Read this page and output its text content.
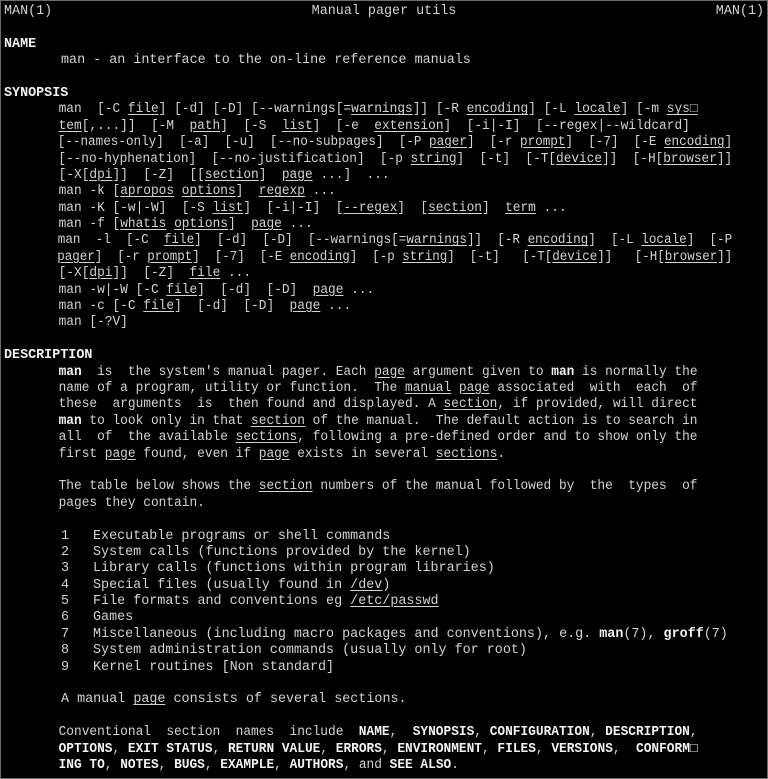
MAN(1)	Manual pager utils	MAN(1)
NAME
man - an interface to the on-line reference manuals
SYNOPSIS
man  [-C file] [-d] [-D] [--warnings[=warnings]] [-R encoding] [-L locale] [-m sys□
tem[,...]]  [-M  path]  [-S  list]  [-e  extension]  [-i|-I]  [--regex|--wildcard]
[--names-only]  [-a]  [-u]  [--no-subpages]  [-P pager]  [-r prompt]  [-7]  [-E encoding]
[--no-hyphenation]  [--no-justification]  [-p string]  [-t]  [-T[device]]  [-H[browser]]
[-X[dpi]]  [-Z]  [[section]  page ...]  ...
man -k [apropos options]  regexp ...
man -K [-w|-W]  [-S list]  [-i|-I]  [--regex]  [section]  term ...
man -f [whatis options]  page ...
man  -l  [-C  file]  [-d]  [-D]  [--warnings[=warnings]]  [-R encoding]  [-L locale]  [-P
pager]  [-r prompt]  [-7]  [-E encoding]  [-p string]  [-t]   [-T[device]]   [-H[browser]]
[-X[dpi]]  [-Z]  file ...
man -w|-W [-C file]  [-d]  [-D]  page ...
man -c [-C file]  [-d]  [-D]  page ...
man [-?V]
DESCRIPTION
man  is  the system's manual pager. Each page argument given to man is normally the
name of a program, utility or function.  The manual page associated  with  each  of
these  arguments  is  then found and displayed. A section, if provided, will direct
man to look only in that section of the manual.  The default action is to search in
all  of  the available sections, following a pre-defined order and to show only the
first page found, even if page exists in several sections.
The table below shows the section numbers of the manual followed by  the  types  of
pages they contain.
1 Executable programs or shell commands
2 System calls (functions provided by the kernel)
3 Library calls (functions within program libraries)
4 Special files (usually found in /dev)
5 File formats and conventions eg /etc/passwd
6 Games
7 Miscellaneous (including macro packages and conventions), e.g. man(7), groff(7)
8 System administration commands (usually only for root)
9 Kernel routines [Non standard]
A manual page consists of several sections.
Conventional  section  names  include  NAME,  SYNOPSIS, CONFIGURATION, DESCRIPTION,
OPTIONS, EXIT STATUS, RETURN VALUE, ERRORS, ENVIRONMENT, FILES, VERSIONS,  CONFORM□
ING TO, NOTES, BUGS, EXAMPLE, AUTHORS, and SEE ALSO.
